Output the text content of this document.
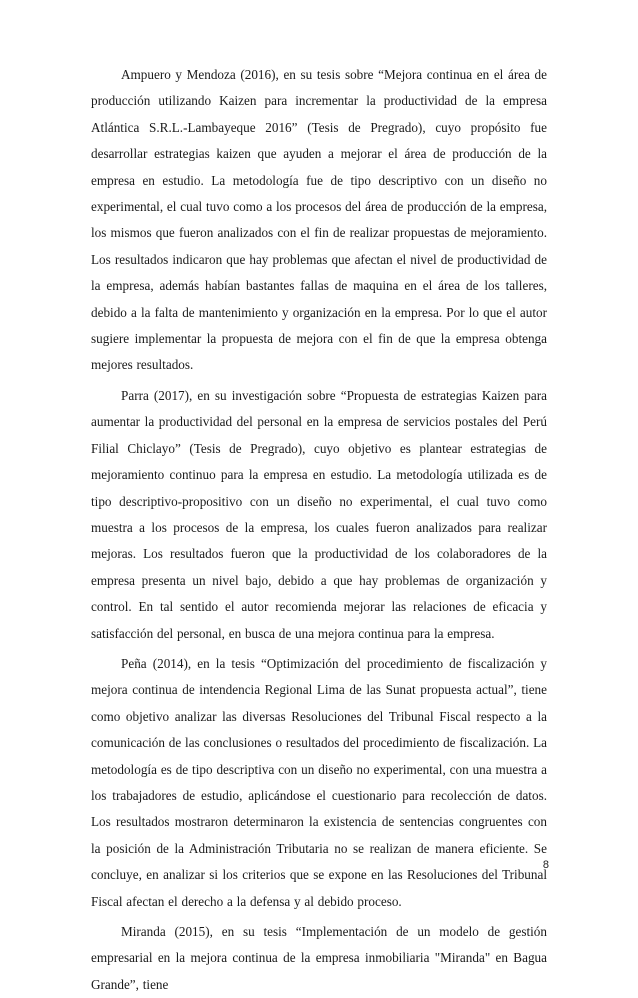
Ampuero y Mendoza (2016), en su tesis sobre “Mejora continua en el área de producción utilizando Kaizen para incrementar la productividad de la empresa Atlántica S.R.L.-Lambayeque 2016” (Tesis de Pregrado), cuyo propósito fue desarrollar estrategias kaizen que ayuden a mejorar el área de producción de la empresa en estudio. La metodología fue de tipo descriptivo con un diseño no experimental, el cual tuvo como a los procesos del área de producción de la empresa, los mismos que fueron analizados con el fin de realizar propuestas de mejoramiento. Los resultados indicaron que hay problemas que afectan el nivel de productividad de la empresa, además habían bastantes fallas de maquina en el área de los talleres, debido a la falta de mantenimiento y organización en la empresa. Por lo que el autor sugiere implementar la propuesta de mejora con el fin de que la empresa obtenga mejores resultados.

Parra (2017), en su investigación sobre “Propuesta de estrategias Kaizen para aumentar la productividad del personal en la empresa de servicios postales del Perú Filial Chiclayo” (Tesis de Pregrado), cuyo objetivo es plantear estrategias de mejoramiento continuo para la empresa en estudio. La metodología utilizada es de tipo descriptivo-propositivo con un diseño no experimental, el cual tuvo como muestra a los procesos de la empresa, los cuales fueron analizados para realizar mejoras. Los resultados fueron que la productividad de los colaboradores de la empresa presenta un nivel bajo, debido a que hay problemas de organización y control. En tal sentido el autor recomienda mejorar las relaciones de eficacia y satisfacción del personal, en busca de una mejora continua para la empresa.

Peña (2014), en la tesis “Optimización del procedimiento de fiscalización y mejora continua de intendencia Regional Lima de las Sunat propuesta actual”, tiene como objetivo analizar las diversas Resoluciones del Tribunal Fiscal respecto a la comunicación de las conclusiones o resultados del procedimiento de fiscalización. La metodología es de tipo descriptiva con un diseño no experimental, con una muestra a los trabajadores de estudio, aplicándose el cuestionario para recolección de datos. Los resultados mostraron determinaron la existencia de sentencias congruentes con la posición de la Administración Tributaria no se realizan de manera eficiente. Se concluye, en analizar si los criterios que se expone en las Resoluciones del Tribunal Fiscal afectan el derecho a la defensa y al debido proceso.

Miranda (2015), en su tesis “Implementación de un modelo de gestión empresarial en la mejora continua de la empresa inmobiliaria "Miranda" en Bagua Grande”, tiene

8
